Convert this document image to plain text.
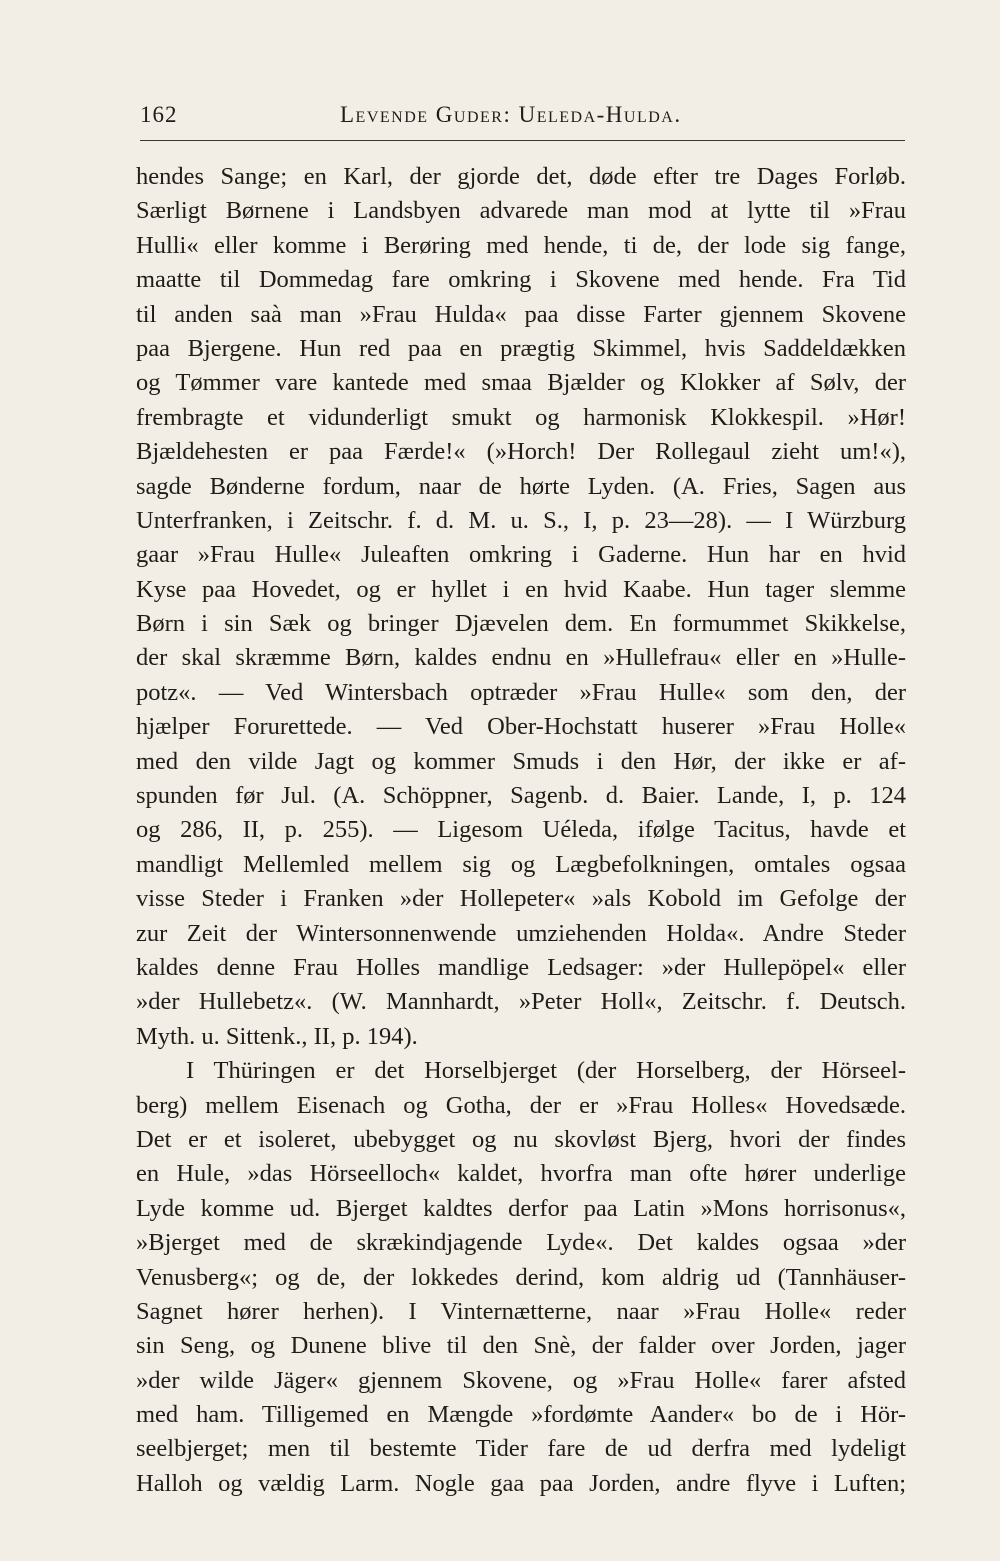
162	Levende Guder: Ueleda-Hulda.
hendes Sange; en Karl, der gjorde det, døde efter tre Dages Forløb.
Særligt Børnene i Landsbyen advarede man mod at lytte til »Frau
Hulli« eller komme i Berøring med hende, ti de, der lode sig fange,
maatte til Dommedag fare omkring i Skovene med hende. Fra Tid
til anden saà man »Frau Hulda« paa disse Farter gjennem Skovene
paa Bjergene. Hun red paa en prægtig Skimmel, hvis Saddeldækken
og Tømmer vare kantede med smaa Bjælder og Klokker af Sølv, der
frembragte et vidunderligt smukt og harmonisk Klokkespil. »Hør!
Bjældehesten er paa Færde!« (»Horch! Der Rollegaul zieht um!«),
sagde Bønderne fordum, naar de hørte Lyden. (A. Fries, Sagen aus
Unterfranken, i Zeitschr. f. d. M. u. S., I, p. 23—28). — I Würzburg
gaar »Frau Hulle« Juleaften omkring i Gaderne. Hun har en hvid
Kyse paa Hovedet, og er hyllet i en hvid Kaabe. Hun tager slemme
Børn i sin Sæk og bringer Djævelen dem. En formummet Skikkelse,
der skal skræmme Børn, kaldes endnu en »Hullefrau« eller en »Hulle-
potz«. — Ved Wintersbach optræder »Frau Hulle« som den, der
hjælper Forurettede. — Ved Ober-Hochstatt huserer »Frau Holle«
med den vilde Jagt og kommer Smuds i den Hør, der ikke er af-
spunden før Jul. (A. Schöppner, Sagenb. d. Baier. Lande, I, p. 124
og 286, II, p. 255). — Ligesom Uéleda, ifølge Tacitus, havde et
mandligt Mellemled mellem sig og Lægbefolkningen, omtales ogsaa
visse Steder i Franken »der Hollepeter« »als Kobold im Gefolge der
zur Zeit der Wintersonnenwende umziehenden Holda«. Andre Steder
kaldes denne Frau Holles mandlige Ledsager: »der Hullepöpel« eller
»der Hullebetz«. (W. Mannhardt, »Peter Holl«, Zeitschr. f. Deutsch.
Myth. u. Sittenk., II, p. 194).
I Thüringen er det Horselbjerget (der Horselberg, der Hörseel-
berg) mellem Eisenach og Gotha, der er »Frau Holles« Hovedsæde.
Det er et isoleret, ubebygget og nu skovløst Bjerg, hvori der findes
en Hule, »das Hörseelloch« kaldet, hvorfra man ofte hører underlige
Lyde komme ud. Bjerget kaldtes derfor paa Latin »Mons horrisonus«,
»Bjerget med de skrækindjagende Lyde«. Det kaldes ogsaa »der
Venusberg«; og de, der lokkedes derind, kom aldrig ud (Tannhäuser-
Sagnet hører herhen). I Vinternætterne, naar »Frau Holle« reder
sin Seng, og Dunene blive til den Snè, der falder over Jorden, jager
»der wilde Jäger« gjennem Skovene, og »Frau Holle« farer afsted
med ham. Tilligemed en Mængde »fordømte Aander« bo de i Hör-
seelbjerget; men til bestemte Tider fare de ud derfra med lydeligt
Halloh og vældig Larm. Nogle gaa paa Jorden, andre flyve i Luften;
